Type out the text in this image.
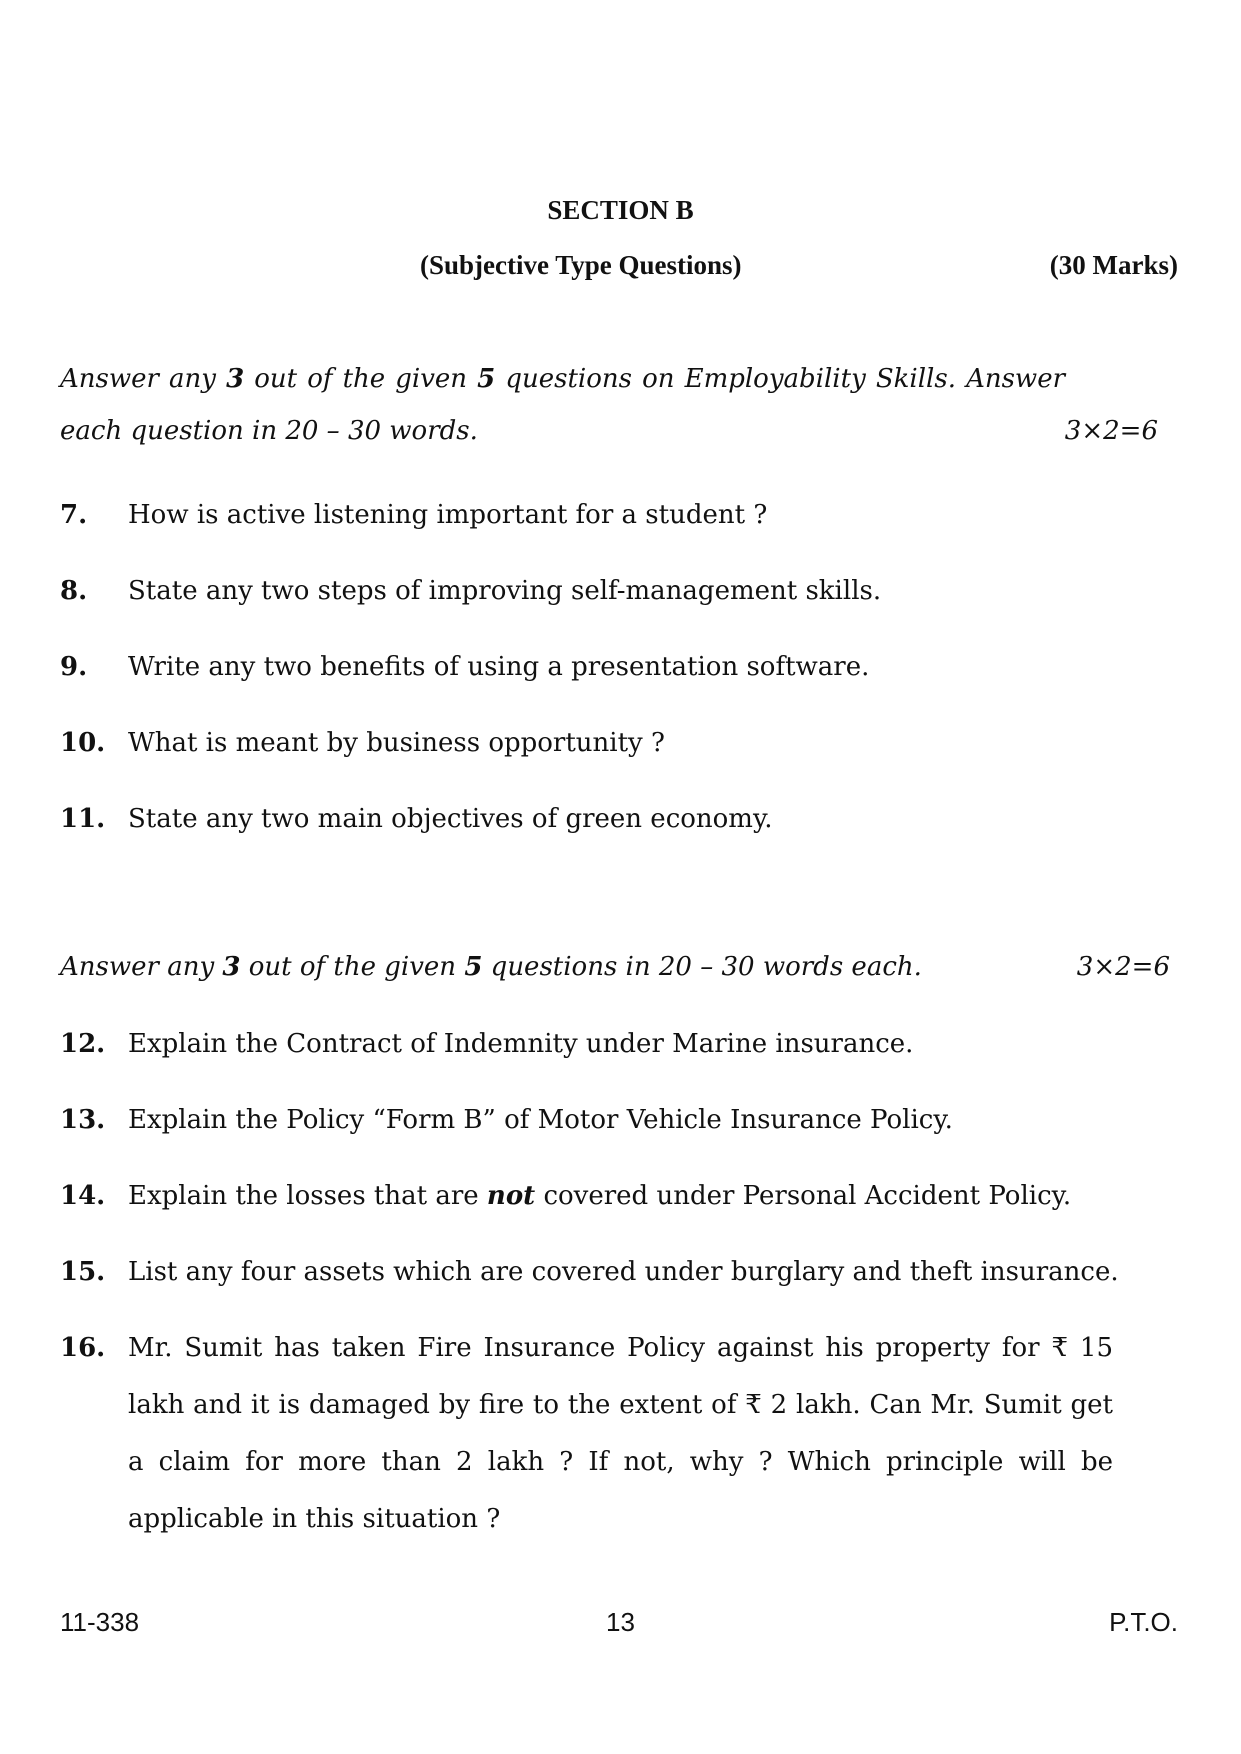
SECTION B
(Subjective Type Questions)	(30 Marks)
Answer any 3 out of the given 5 questions on Employability Skills. Answer
each question in 20 – 30 words.	3×2=6
7.	How is active listening important for a student ?
8.	State any two steps of improving self-management skills.
9.	Write any two benefits of using a presentation software.
10. What is meant by business opportunity ?
11. State any two main objectives of green economy.
Answer any 3 out of the given 5 questions in 20 – 30 words each.	3×2=6
12. Explain the Contract of Indemnity under Marine insurance.
13. Explain the Policy “Form B” of Motor Vehicle Insurance Policy.
14. Explain the losses that are not covered under Personal Accident Policy.
15. List any four assets which are covered under burglary and theft insurance.
16. Mr. Sumit has taken Fire Insurance Policy against his property for ₹ 15 lakh and it is damaged by fire to the extent of ₹ 2 lakh. Can Mr. Sumit get a claim for more than 2 lakh ? If not, why ? Which principle will be applicable in this situation ?
11-338	13	P.T.O.
